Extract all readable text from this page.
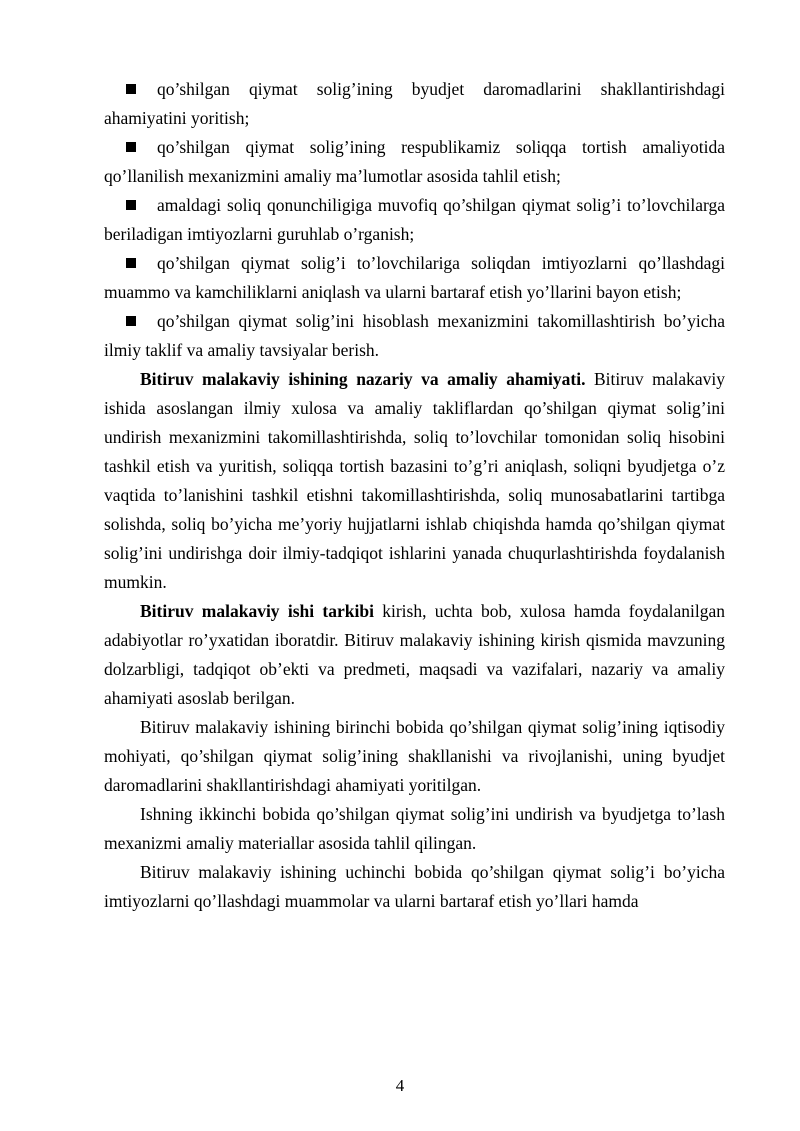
qo’shilgan qiymat solig’ining byudjet daromadlarini shakllantirishdagi ahamiyatini yoritish;

qo’shilgan qiymat solig’ining respublikamiz soliqqa tortish amaliyotida qo’llanilish mexanizmini amaliy ma’lumotlar asosida tahlil etish;

amaldagi soliq qonunchiligiga muvofiq qo’shilgan qiymat solig’i to’lovchilarga beriladigan imtiyozlarni guruhlab o’rganish;

qo’shilgan qiymat solig’i to’lovchilariga soliqdan imtiyozlarni qo’llashdagi muammo va kamchiliklarni aniqlash va ularni bartaraf etish yo’llarini bayon etish;

qo’shilgan qiymat solig’ini hisoblash mexanizmini takomillashtirish bo’yicha ilmiy taklif va amaliy tavsiyalar berish.

Bitiruv malakaviy ishining nazariy va amaliy ahamiyati. Bitiruv malakaviy ishida asoslangan ilmiy xulosa va amaliy takliflardan qo’shilgan qiymat solig’ini undirish mexanizmini takomillashtirishda, soliq to’lovchilar tomonidan soliq hisobini tashkil etish va yuritish, soliqqa tortish bazasini to’g’ri aniqlash, soliqni byudjetga o’z vaqtida to’lanishini tashkil etishni takomillashtirishda, soliq munosabatlarini tartibga solishda, soliq bo’yicha me’yoriy hujjatlarni ishlab chiqishda hamda qo’shilgan qiymat solig’ini undirishga doir ilmiy-tadqiqot ishlarini yanada chuqurlashtirishda foydalanish mumkin.

Bitiruv malakaviy ishi tarkibi kirish, uchta bob, xulosa hamda foydalanilgan adabiyotlar ro’yxatidan iboratdir. Bitiruv malakaviy ishining kirish qismida mavzuning dolzarbligi, tadqiqot ob’ekti va predmeti, maqsadi va vazifalari, nazariy va amaliy ahamiyati asoslab berilgan.

Bitiruv malakaviy ishining birinchi bobida qo’shilgan qiymat solig’ining iqtisodiy mohiyati, qo’shilgan qiymat solig’ining shakllanishi va rivojlanishi, uning byudjet daromadlarini shakllantirishdagi ahamiyati yoritilgan.

Ishning ikkinchi bobida qo’shilgan qiymat solig’ini undirish va byudjetga to’lash mexanizmi amaliy materiallar asosida tahlil qilingan.

Bitiruv malakaviy ishining uchinchi bobida qo’shilgan qiymat solig’i bo’yicha imtiyozlarni qo’llashdagi muammolar va ularni bartaraf etish yo’llari hamda

4
